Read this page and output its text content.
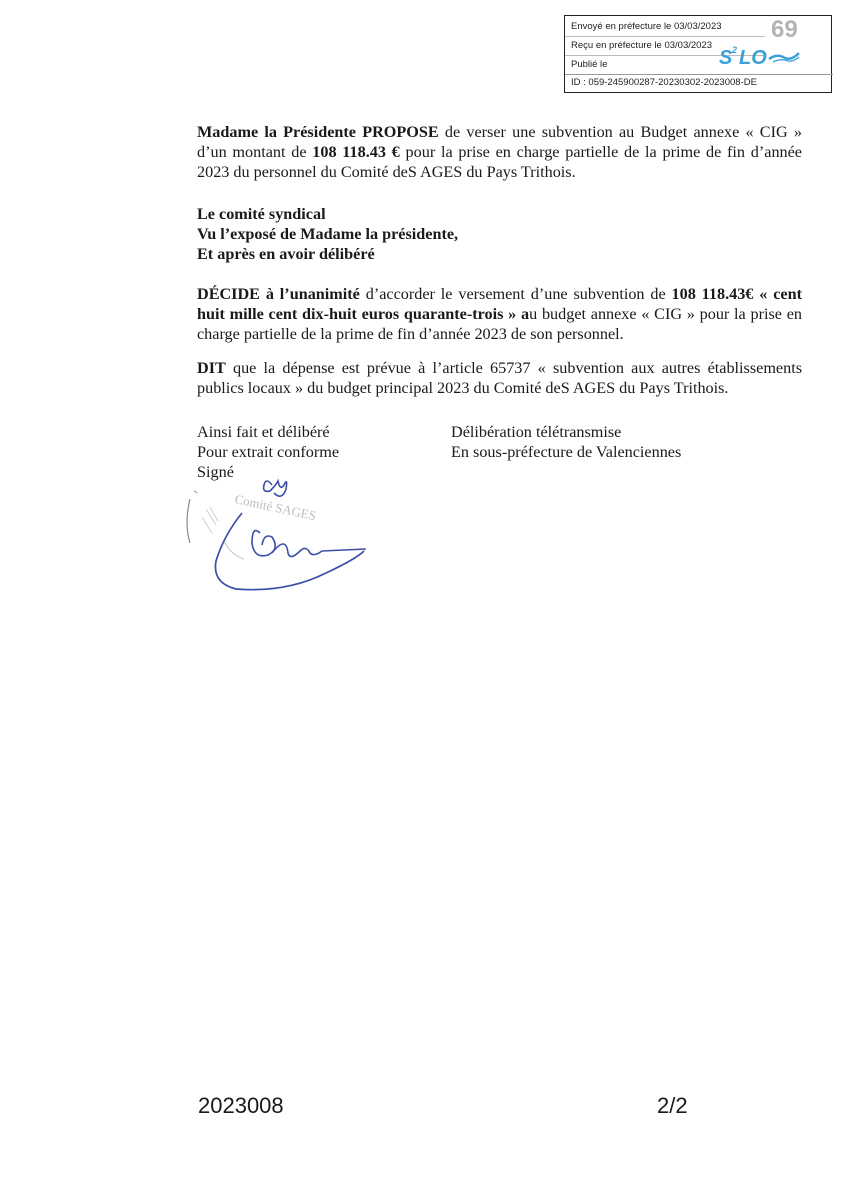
Envoyé en préfecture le 03/03/2023
Reçu en préfecture le 03/03/2023
Publié le
ID : 059-245900287-20230302-2023008-DE
69
S 2 LO
Madame la Présidente PROPOSE de verser une subvention au Budget annexe « CIG » d’un montant de 108 118.43 € pour la prise en charge partielle de la prime de fin d’année 2023 du personnel du Comité deS AGES du Pays Trithois.
Le comité syndical
Vu l’exposé de Madame la présidente,
Et après en avoir délibéré
DÉCIDE à l’unanimité d’accorder le versement d’une subvention de 108 118.43€ « cent huit mille cent dix-huit euros quarante-trois » au budget annexe « CIG » pour la prise en charge partielle de la prime de fin d’année 2023 de son personnel.
DIT que la dépense est prévue à l’article 65737 « subvention aux autres établissements publics locaux » du budget principal 2023 du Comité deS AGES du Pays Trithois.
Ainsi fait et délibéré
Pour extrait conforme
Signé
Délibération télétransmise
En sous-préfecture de Valenciennes
Comité SAGES
2023008	2/2
